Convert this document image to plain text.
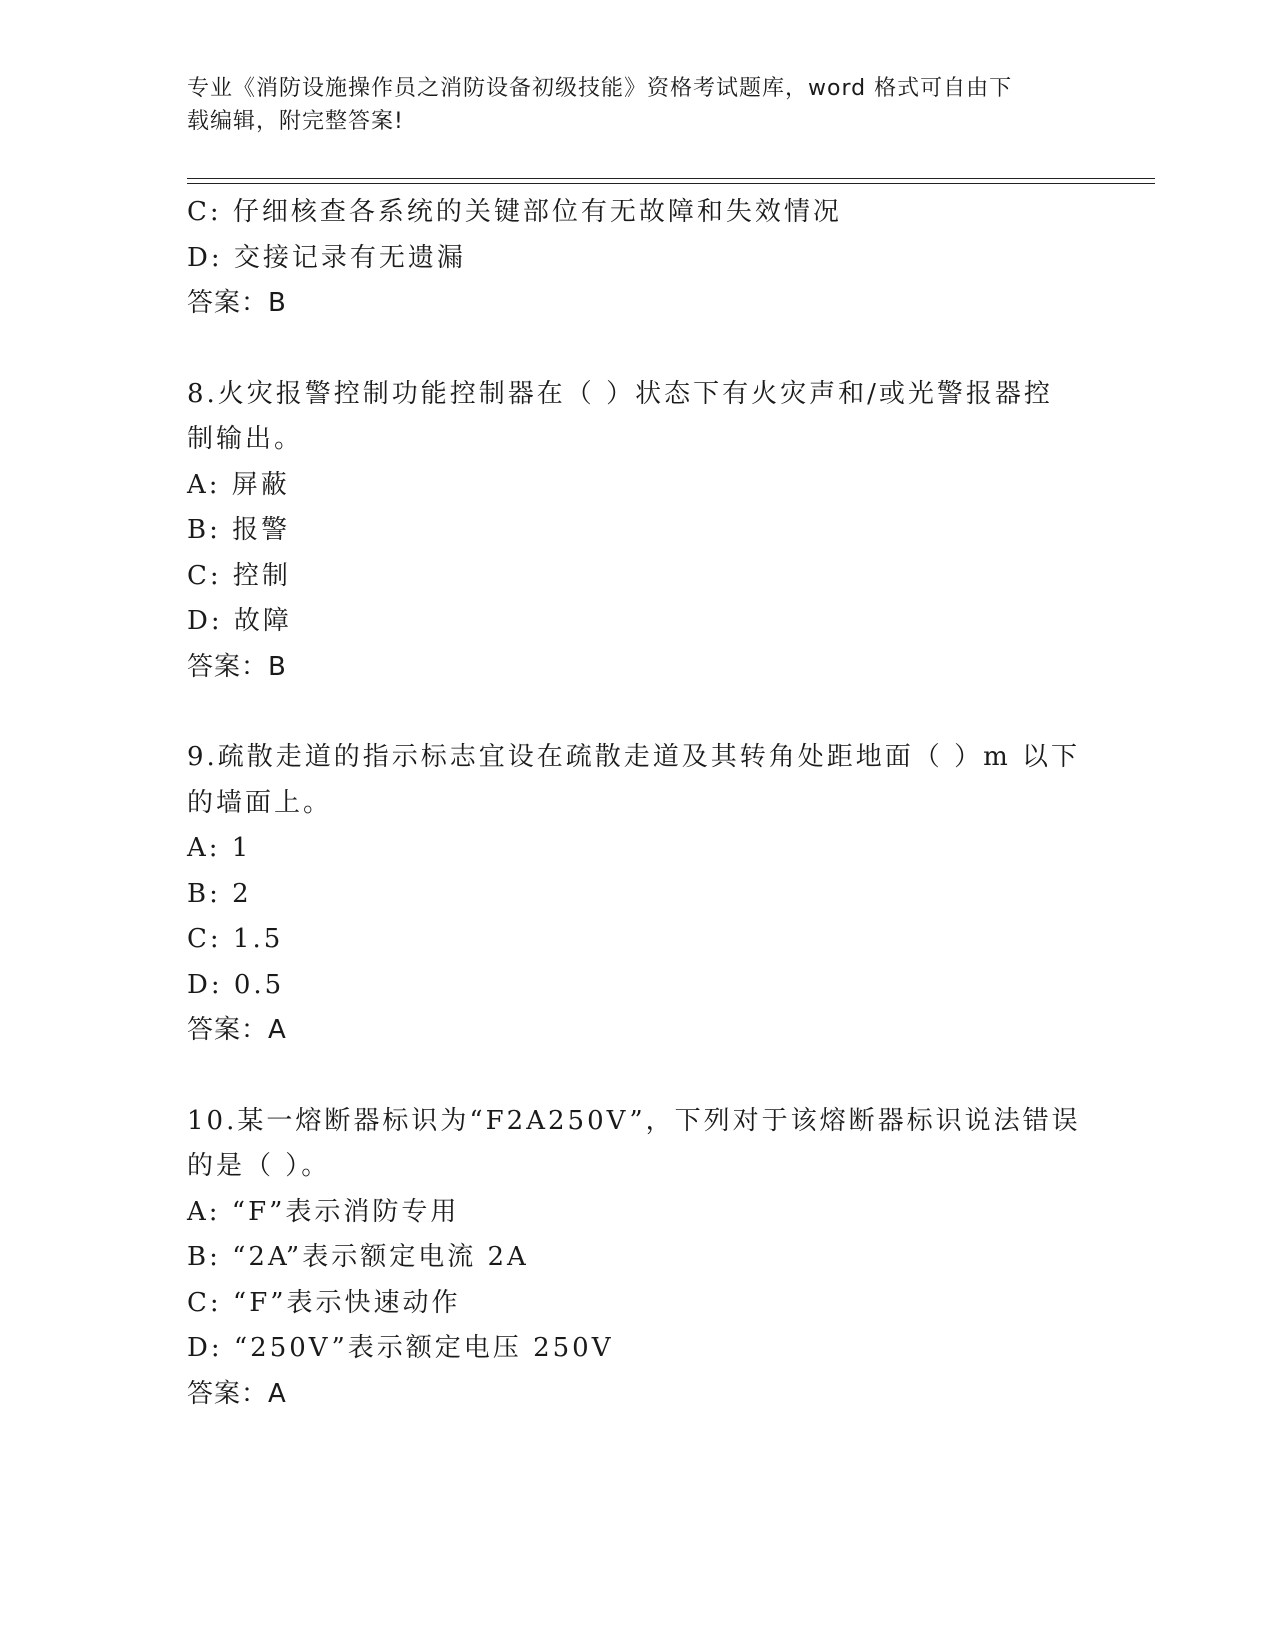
专业《消防设施操作员之消防设备初级技能》资格考试题库，word 格式可自由下
载编辑，附完整答案!
C: 仔细核查各系统的关键部位有无故障和失效情况
D: 交接记录有无遗漏
答案：B
8.火灾报警控制功能控制器在（ ）状态下有火灾声和/或光警报器控
制输出。
A: 屏蔽
B: 报警
C: 控制
D: 故障
答案：B
9.疏散走道的指示标志宜设在疏散走道及其转角处距地面（ ）m 以下
的墙面上。
A: 1
B: 2
C: 1.5
D: 0.5
答案：A
10.某一熔断器标识为“F2A250V”，下列对于该熔断器标识说法错误
的是（ ）。
A: “F”表示消防专用
B: “2A”表示额定电流 2A
C: “F”表示快速动作
D: “250V”表示额定电压 250V
答案：A
